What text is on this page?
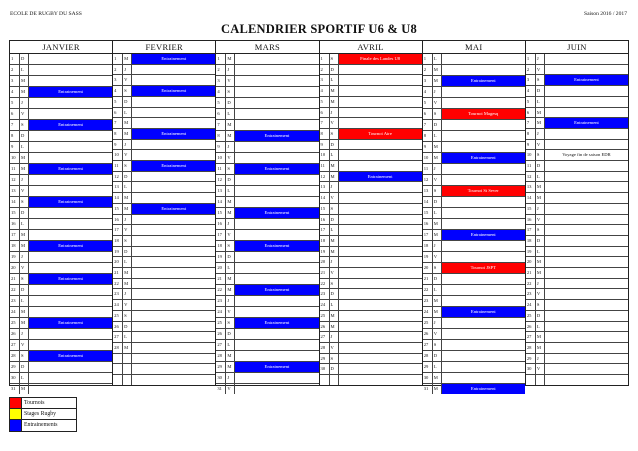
ECOLE DE RUGBY DU SASS	Saison 2016 / 2017
CALENDRIER SPORTIF U6 & U8
JANVIER
1	D
2	L
3	M
4	M	Entrainement
5	J
6	V
7	S	Entrainement
8	D
9	L
10	M
11	M	Entrainement
12	J
13	V
14	S	Entrainement
15	D
16	L
17	M
18	M	Entrainement
19	J
20	V
21	S	Entrainement
22	D
23	L
24	M
25	M	Entrainement
26	J
27	V
28	S	Entrainement
29	D
30	L
31	M
FEVRIER
1	M	Entrainement
2	J
3	V
4	S	Entrainement
5	D
6	L
7	M
8	M	Entrainement
9	J
10	V
11	S	Entrainement
12	D
13	L
14	M
15	M	Entrainement
16	J
17	V
18	S
19	D
20	L
21	M
22	M
23	J
24	V
25	S
26	D
27	L
28	M
MARS
1	M
2	J
3	V
4	S
5	D
6	L
7	M
8	M	Entrainement
9	J
10	V
11	S	Entrainement
12	D
13	L
14	M
15	M	Entrainement
16	J
17	V
18	S	Entrainement
19	D
20	L
21	M
22	M	Entrainement
23	J
24	V
25	S	Entrainement
26	D
27	L
28	M
29	M	Entrainement
30	J
31	V
AVRIL
1	S	Finale des Landes U8
2	D
3	L
4	M
5	M
6	J
7	V
8	S	Tournoi Aire
9	D
10	L
11	M
12	M	Entrainement
13	J
14	V
15	S
16	D
17	L
18	M
19	M
20	J
21	V
22	S
23	D
24	L
25	M
26	M
27	J
28	V
29	S
30	D
MAI
1	L
2	M
3	M	Entrainement
4	J
5	V
6	S	Tournoi Magesq
7	D
8	L
9	M
10	M	Entrainement
11	J
12	V
13	S	Tournoi St Sever
14	D
15	L
16	M
17	M	Entrainement
18	J
19	V
20	S	Tournoi JSPT
21	D
22	L
23	M
24	M	Entrainement
25	J
26	V
27	S
28	D
29	L
30	M
31	M	Entrainement
JUIN
1	J
2	V
3	S	Entrainement
4	D
5	L
6	M
7	M	Entrainement
8	J
9	V
10	S	Voyage fin de saison EDR
11	D
12	L
13	M
14	M
15	J
16	V
17	S
18	D
19	L
20	M
21	M
22	J
23	V
24	S
25	D
26	L
27	M
28	M
29	J
30	V
Tournois
Stages Rugby
Entrainements
